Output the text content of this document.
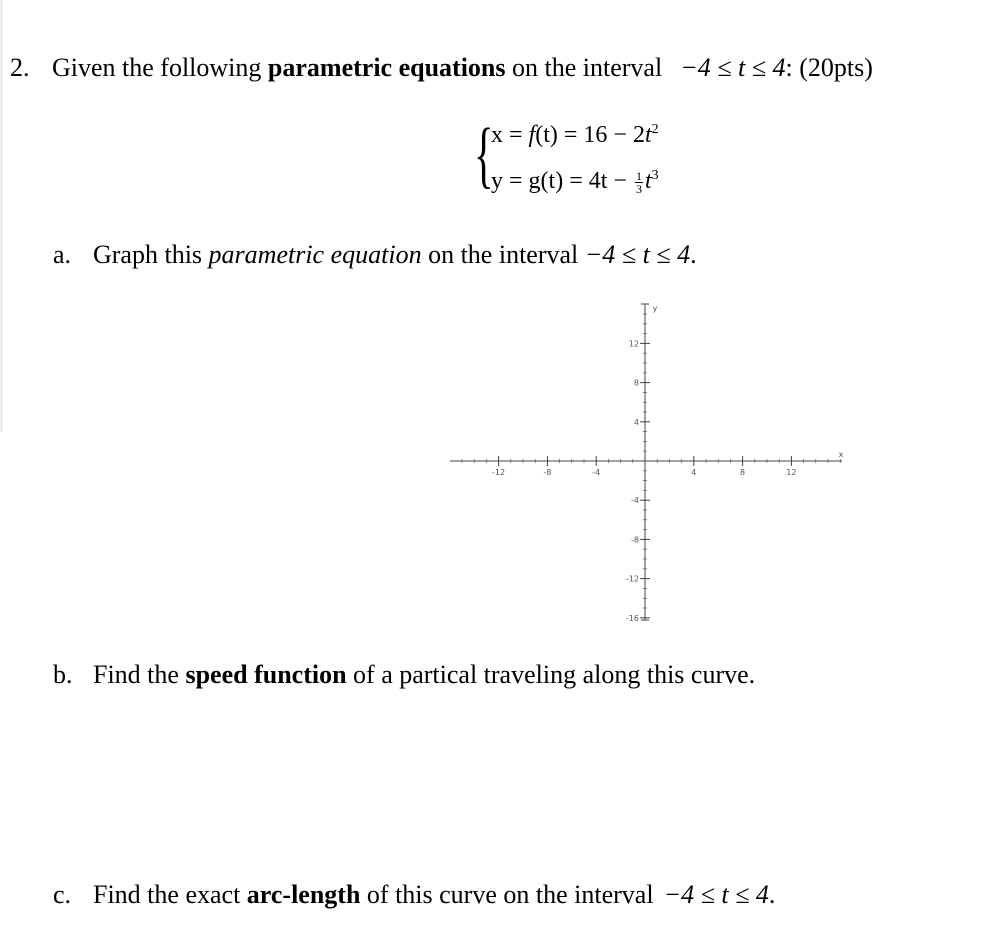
2. Given the following parametric equations on the interval −4 ≤ t ≤ 4: (20pts)
{
$x = f(t) = 16 - 2t^2$
$y = g(t) = 4t - \frac{1}{3} t^3$
a. Graph this parametric equation on the interval −4 ≤ t ≤ 4.
-12	-8	-4	4	8	12
12
8
4
-4
-8
-12
-16
x
y
b. Find the speed function of a partical traveling along this curve.
c. Find the exact arc-length of this curve on the interval −4 ≤ t ≤ 4.
